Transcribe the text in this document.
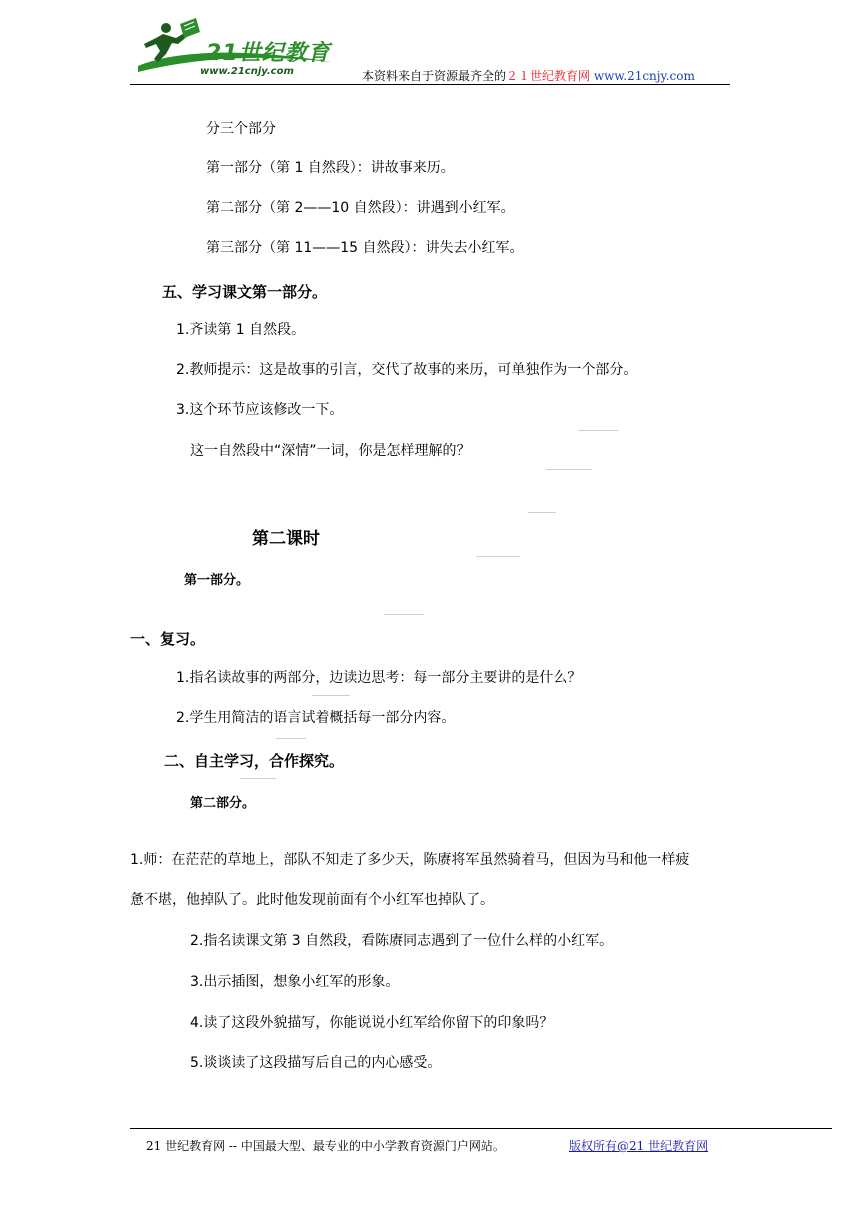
21世纪教育
www.21cnjy.com	本资料来自于资源最齐全的２１世纪教育网 www.21cnjy.com
分三个部分
第一部分（第 1 自然段）：讲故事来历。
第二部分（第 2——10 自然段）：讲遇到小红军。
第三部分（第 11——15 自然段）：讲失去小红军。
五、学习课文第一部分。
1.齐读第 1 自然段。
2.教师提示：这是故事的引言，交代了故事的来历，可单独作为一个部分。
3.这个环节应该修改一下。
这一自然段中“深情”一词，你是怎样理解的？
第二课时
第一部分。
一、复习。
1.指名读故事的两部分，边读边思考：每一部分主要讲的是什么？
2.学生用简洁的语言试着概括每一部分内容。
二、自主学习，合作探究。
第二部分。
1.师：在茫茫的草地上，部队不知走了多少天，陈赓将军虽然骑着马，但因为马和他一样疲
惫不堪，他掉队了。此时他发现前面有个小红军也掉队了。
2.指名读课文第 3 自然段，看陈赓同志遇到了一位什么样的小红军。
3.出示插图，想象小红军的形象。
4.读了这段外貌描写，你能说说小红军给你留下的印象吗？
5.谈谈读了这段描写后自己的内心感受。
21 世纪教育网 -- 中国最大型、最专业的中小学教育资源门户网站。	版权所有@21 世纪教育网
